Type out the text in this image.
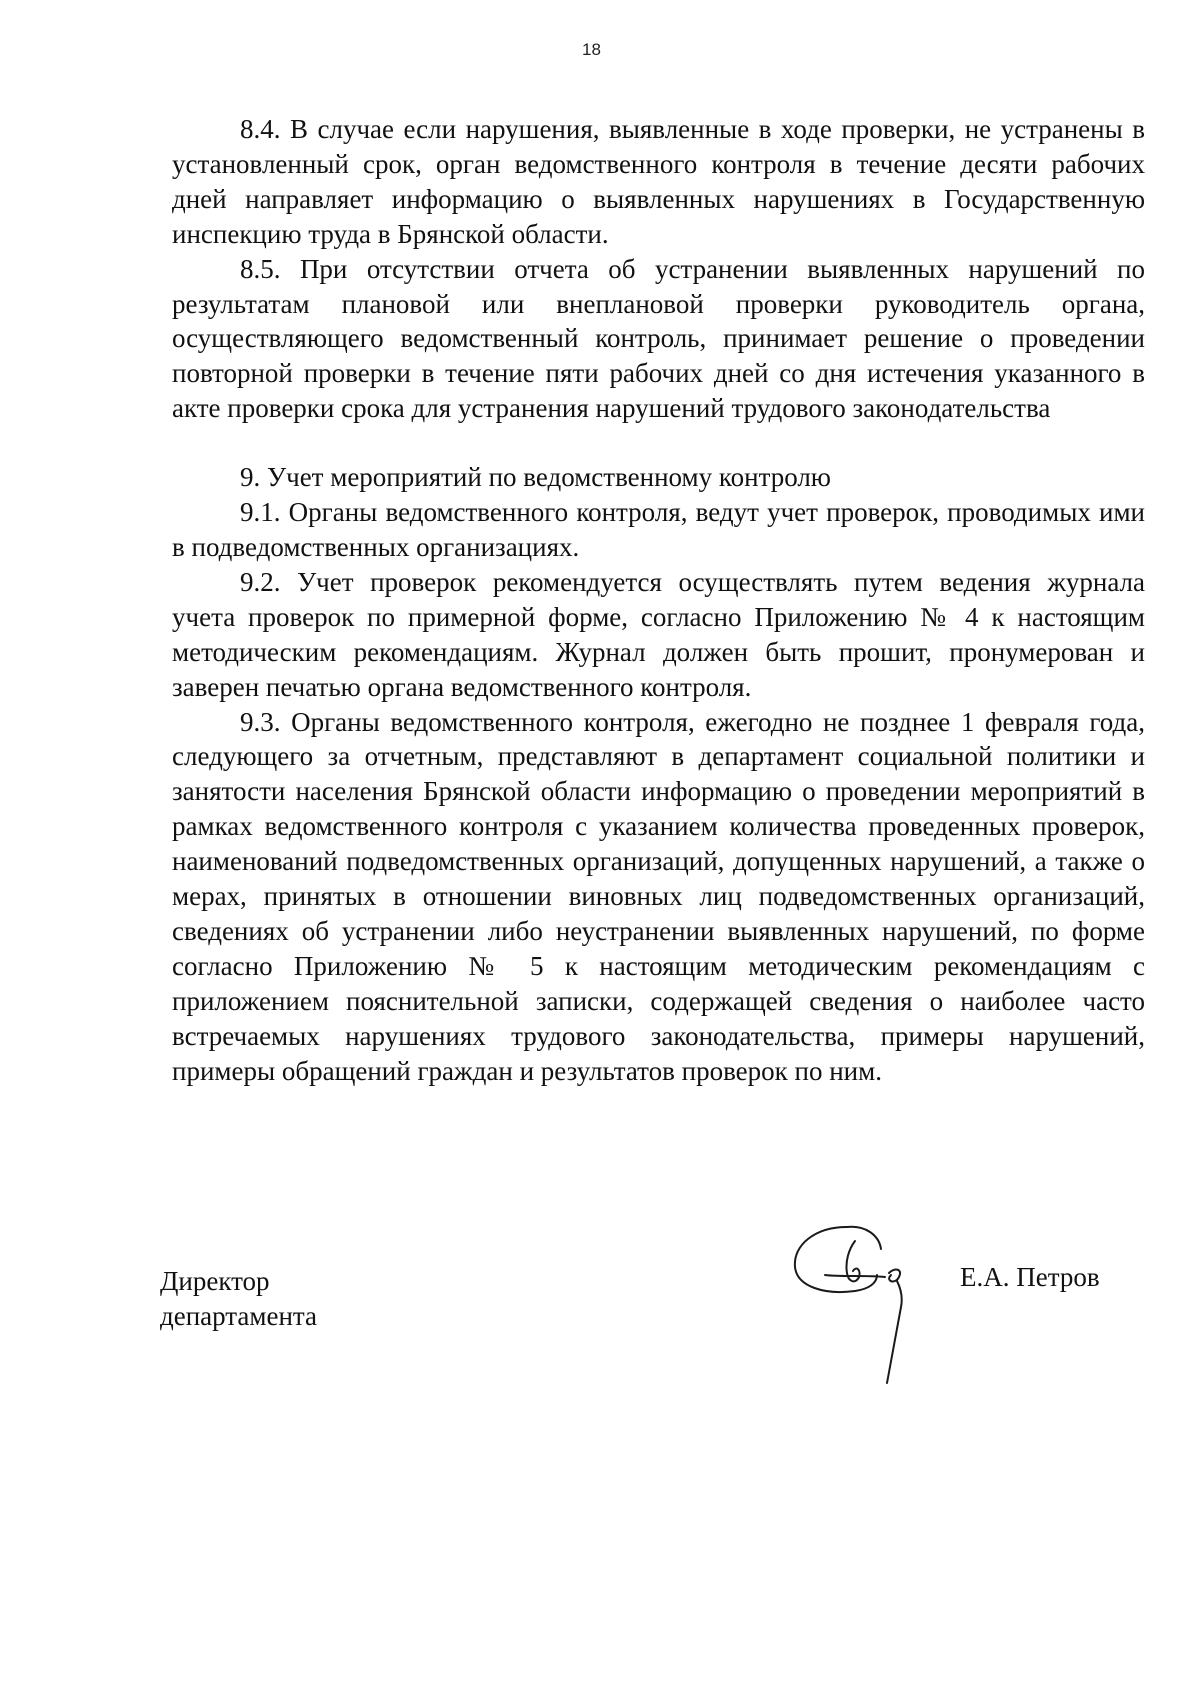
18

8.4. В случае если нарушения, выявленные в ходе проверки, не устранены в установленный срок, орган ведомственного контроля в течение десяти рабочих дней направляет информацию о выявленных нарушениях в Государственную инспекцию труда в Брянской области.

8.5. При отсутствии отчета об устранении выявленных нарушений по результатам плановой или внеплановой проверки руководитель органа, осуществляющего ведомственный контроль, принимает решение о проведении повторной проверки в течение пяти рабочих дней со дня истечения указанного в акте проверки срока для устранения нарушений трудового законодательства

9. Учет мероприятий по ведомственному контролю

9.1. Органы ведомственного контроля, ведут учет проверок, проводимых ими в подведомственных организациях.

9.2. Учет проверок рекомендуется осуществлять путем ведения журнала учета проверок по примерной форме, согласно Приложению № 4 к настоящим методическим рекомендациям. Журнал должен быть прошит, пронумерован и заверен печатью органа ведомственного контроля.

9.3. Органы ведомственного контроля, ежегодно не позднее 1 февраля года, следующего за отчетным, представляют в департамент социальной политики и занятости населения Брянской области информацию о проведении мероприятий в рамках ведомственного контроля с указанием количества проведенных проверок, наименований подведомственных организаций, допущенных нарушений, а также о мерах, принятых в отношении виновных лиц подведомственных организаций, сведениях об устранении либо неустранении выявленных нарушений, по форме согласно Приложению № 5 к настоящим методическим рекомендациям с приложением пояснительной записки, содержащей сведения о наиболее часто встречаемых нарушениях трудового законодательства, примеры нарушений, примеры обращений граждан и результатов проверок по ним.

Директор
департамента
Е.А. Петров
